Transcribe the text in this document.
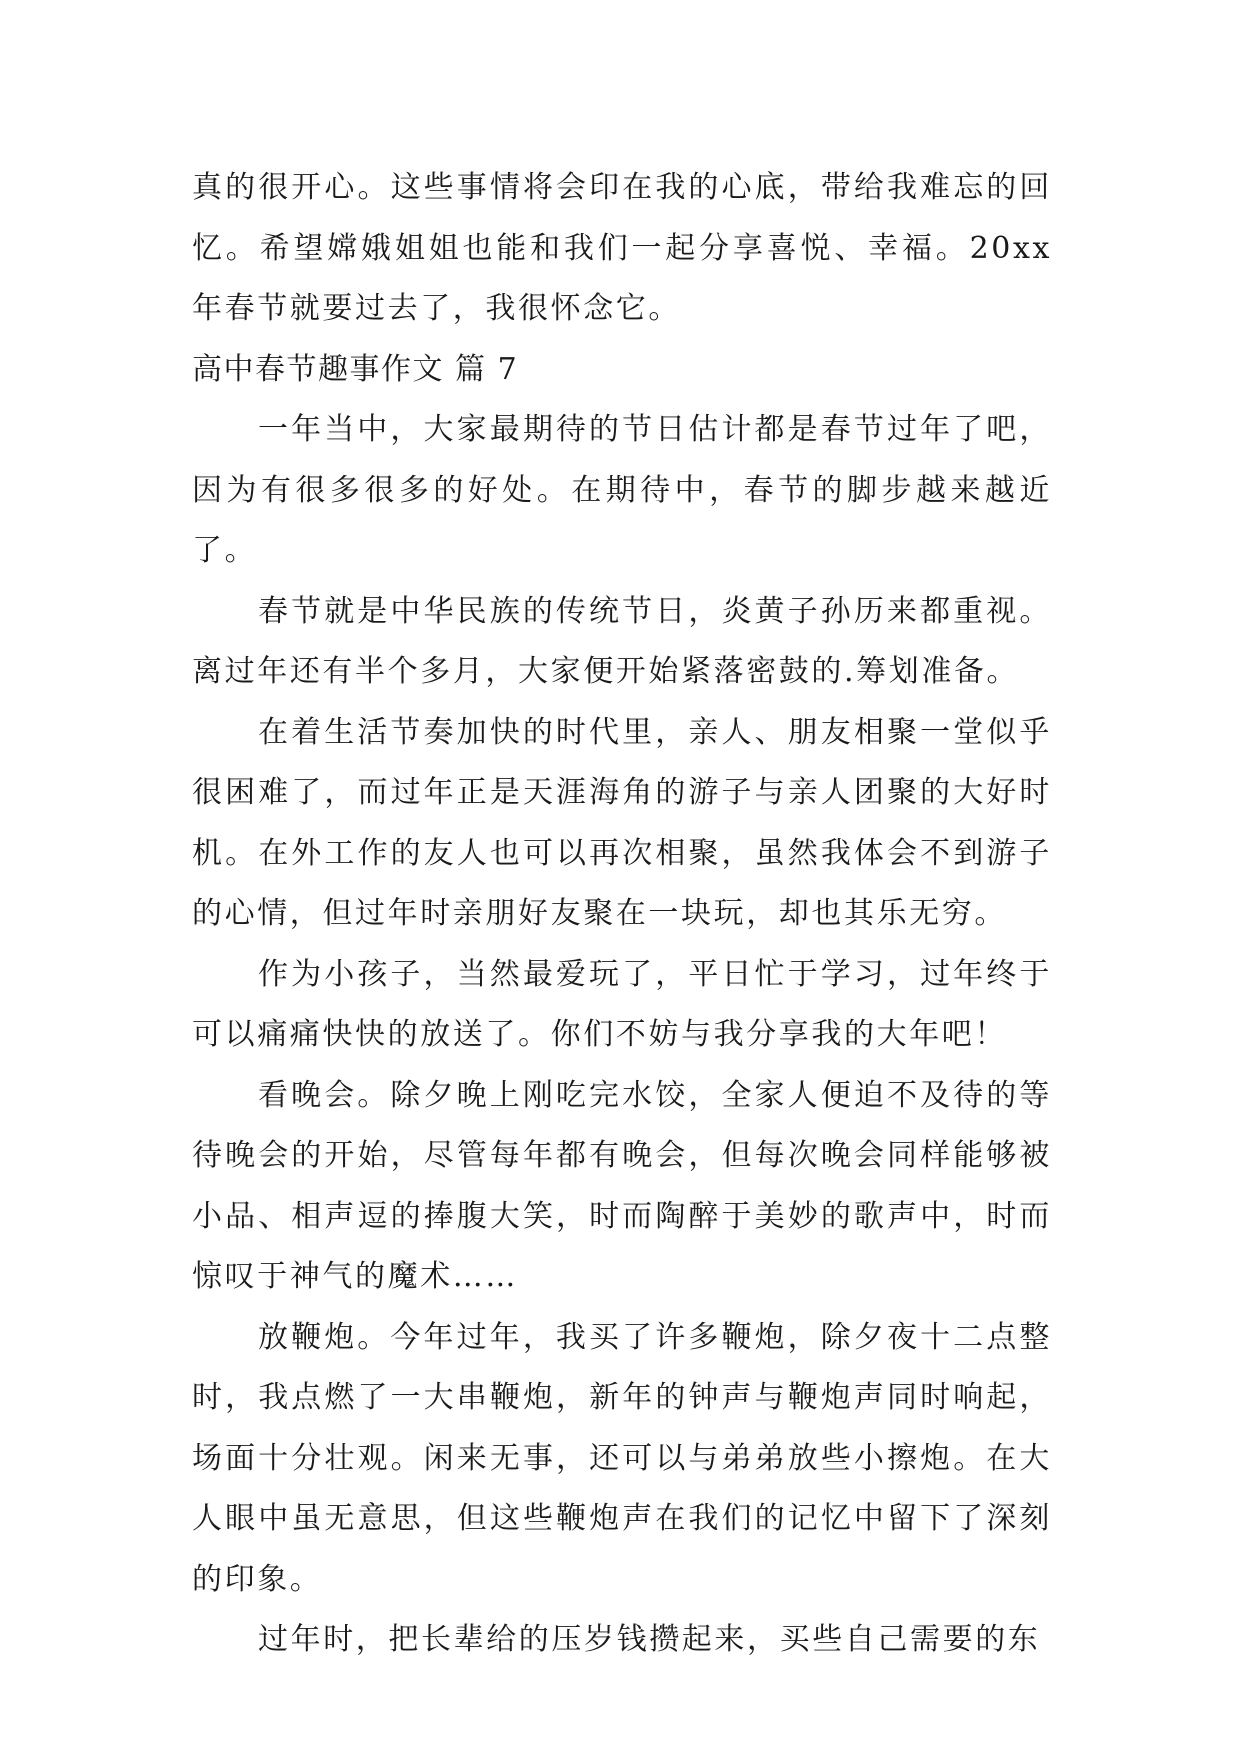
真的很开心。这些事情将会印在我的心底，带给我难忘的回忆。希望嫦娥姐姐也能和我们一起分享喜悦、幸福。20xx 年春节就要过去了，我很怀念它。

高中春节趣事作文 篇 7

一年当中，大家最期待的节日估计都是春节过年了吧，因为有很多很多的好处。在期待中，春节的脚步越来越近了。

春节就是中华民族的传统节日，炎黄子孙历来都重视。离过年还有半个多月，大家便开始紧落密鼓的.筹划准备。

在着生活节奏加快的时代里，亲人、朋友相聚一堂似乎很困难了，而过年正是天涯海角的游子与亲人团聚的大好时机。在外工作的友人也可以再次相聚，虽然我体会不到游子的心情，但过年时亲朋好友聚在一块玩，却也其乐无穷。

作为小孩子，当然最爱玩了，平日忙于学习，过年终于可以痛痛快快的放送了。你们不妨与我分享我的大年吧！

看晚会。除夕晚上刚吃完水饺，全家人便迫不及待的等待晚会的开始，尽管每年都有晚会，但每次晚会同样能够被小品、相声逗的捧腹大笑，时而陶醉于美妙的歌声中，时而惊叹于神气的魔术……

放鞭炮。今年过年，我买了许多鞭炮，除夕夜十二点整时，我点燃了一大串鞭炮，新年的钟声与鞭炮声同时响起，场面十分壮观。闲来无事，还可以与弟弟放些小擦炮。在大人眼中虽无意思，但这些鞭炮声在我们的记忆中留下了深刻的印象。

过年时，把长辈给的压岁钱攒起来，买些自己需要的东
